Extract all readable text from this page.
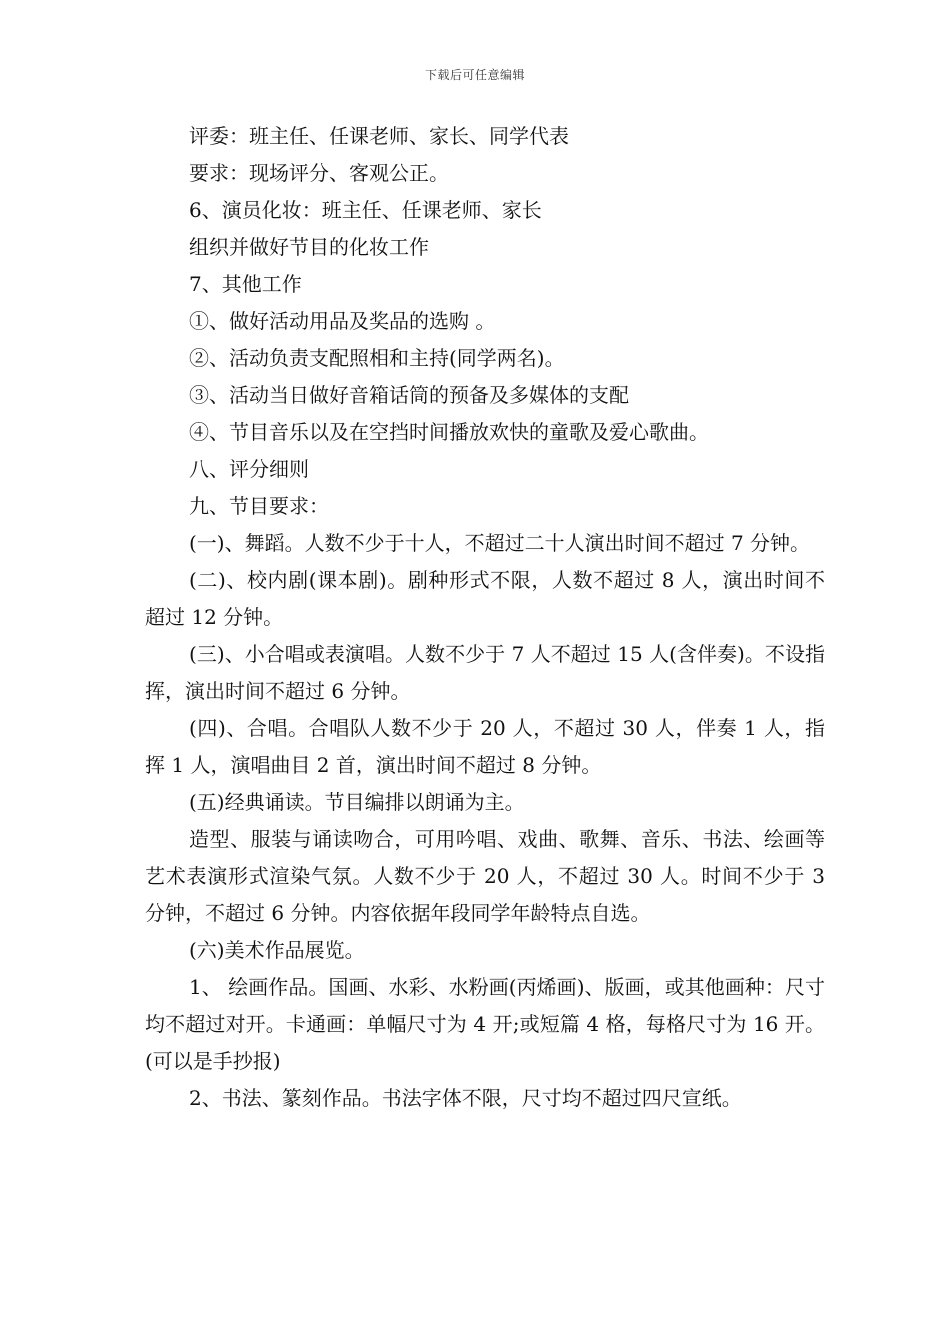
下载后可任意编辑

评委：班主任、任课老师、家长、同学代表

要求：现场评分、客观公正。

6、演员化妆：班主任、任课老师、家长

组织并做好节目的化妆工作

7、其他工作

①、做好活动用品及奖品的选购 。

②、活动负责支配照相和主持(同学两名)。

③、活动当日做好音箱话筒的预备及多媒体的支配

④、节目音乐以及在空挡时间播放欢快的童歌及爱心歌曲。

八、评分细则

九、节目要求：

(一)、舞蹈。人数不少于十人，不超过二十人演出时间不超过 7 分钟。

(二)、校内剧(课本剧)。剧种形式不限，人数不超过 8 人，演出时间不超过 12 分钟。

(三)、小合唱或表演唱。人数不少于 7 人不超过 15 人(含伴奏)。不设指挥，演出时间不超过 6 分钟。

(四)、合唱。合唱队人数不少于 20 人，不超过 30 人，伴奏 1 人，指挥 1 人，演唱曲目 2 首，演出时间不超过 8 分钟。

(五)经典诵读。节目编排以朗诵为主。

造型、服装与诵读吻合，可用吟唱、戏曲、歌舞、音乐、书法、绘画等艺术表演形式渲染气氛。人数不少于 20 人，不超过 30 人。时间不少于 3 分钟，不超过 6 分钟。内容依据年段同学年龄特点自选。

(六)美术作品展览。

1、 绘画作品。国画、水彩、水粉画(丙烯画)、版画，或其他画种：尺寸均不超过对开。卡通画：单幅尺寸为 4 开;或短篇 4 格，每格尺寸为 16 开。(可以是手抄报)

2、书法、篆刻作品。书法字体不限，尺寸均不超过四尺宣纸。
